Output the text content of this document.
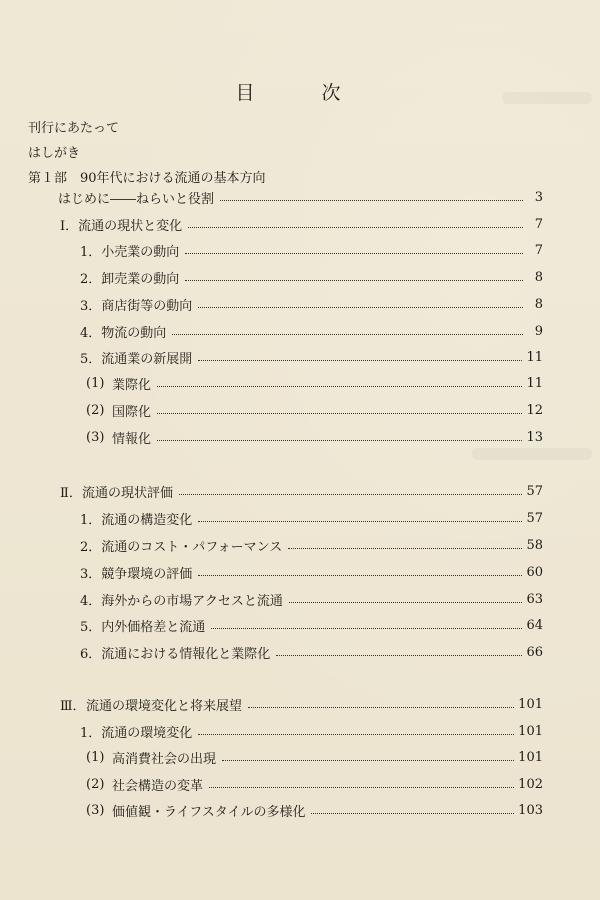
目　次
刊行にあたって
はしがき
第１部　90年代における流通の基本方向
はじめに――ねらいと役割	3
Ⅰ． 流通の現状と変化	7
1． 小売業の動向	7
2． 卸売業の動向	8
3． 商店街等の動向	8
4． 物流の動向	9
5． 流通業の新展開	11
(1) 業際化	11
(2) 国際化	12
(3) 情報化	13
Ⅱ． 流通の現状評価	57
1． 流通の構造変化	57
2． 流通のコスト・パフォーマンス	58
3． 競争環境の評価	60
4． 海外からの市場アクセスと流通	63
5． 内外価格差と流通	64
6． 流通における情報化と業際化	66
Ⅲ． 流通の環境変化と将来展望	101
1． 流通の環境変化	101
(1) 高消費社会の出現	101
(2) 社会構造の変革	102
(3) 価値観・ライフスタイルの多様化	103
